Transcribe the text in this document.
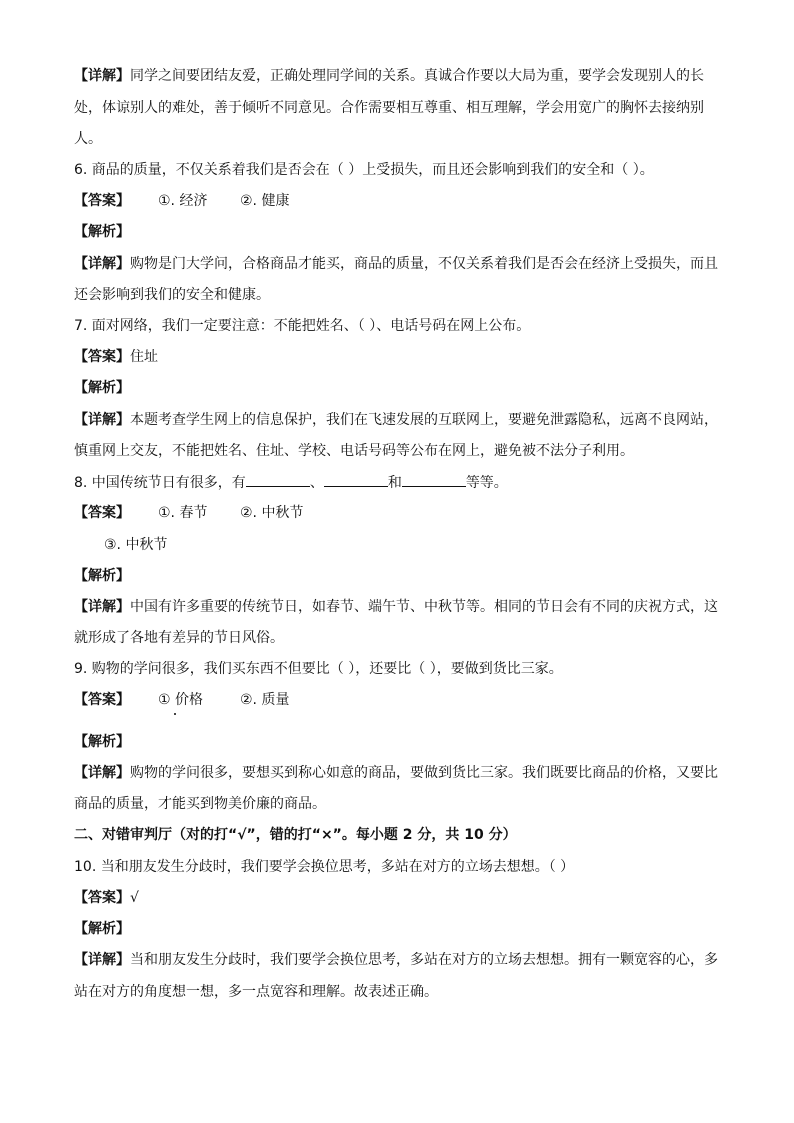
【详解】同学之间要团结友爱，正确处理同学间的关系。真诚合作要以大局为重，要学会发现别人的长
处，体谅别人的难处，善于倾听不同意见。合作需要相互尊重、相互理解，学会用宽广的胸怀去接纳别
人。
6. 商品的质量，不仅关系着我们是否会在（ ）上受损失，而且还会影响到我们的安全和（ ）。
【答案】 ①. 经济 ②. 健康
【解析】
【详解】购物是门大学问，合格商品才能买，商品的质量，不仅关系着我们是否会在经济上受损失，而且
还会影响到我们的安全和健康。
7. 面对网络，我们一定要注意：不能把姓名、（ ）、电话号码在网上公布。
【答案】住址
【解析】
【详解】本题考查学生网上的信息保护，我们在飞速发展的互联网上，要避免泄露隐私，远离不良网站，
慎重网上交友，不能把姓名、住址、学校、电话号码等公布在网上，避免被不法分子利用。
8. 中国传统节日有很多，有	、	和	等等。
【答案】 ①. 春节 ②. 中秋节
③. 中秋节
【解析】
【详解】中国有许多重要的传统节日，如春节、端午节、中秋节等。相同的节日会有不同的庆祝方式，这
就形成了各地有差异的节日风俗。
9. 购物的学问很多，我们买东西不但要比（ ），还要比（ ），要做到货比三家。
【答案】 ① 价格	②. 质量
【解析】
【详解】购物的学问很多，要想买到称心如意的商品，要做到货比三家。我们既要比商品的价格，又要比
商品的质量，才能买到物美价廉的商品。
二、对错审判厅（对的打“√”，错的打“×”。每小题 2 分，共 10 分）
10. 当和朋友发生分歧时，我们要学会换位思考，多站在对方的立场去想想。（ ）
【答案】√
【解析】
【详解】当和朋友发生分歧时，我们要学会换位思考，多站在对方的立场去想想。拥有一颗宽容的心，多
站在对方的角度想一想，多一点宽容和理解。故表述正确。
